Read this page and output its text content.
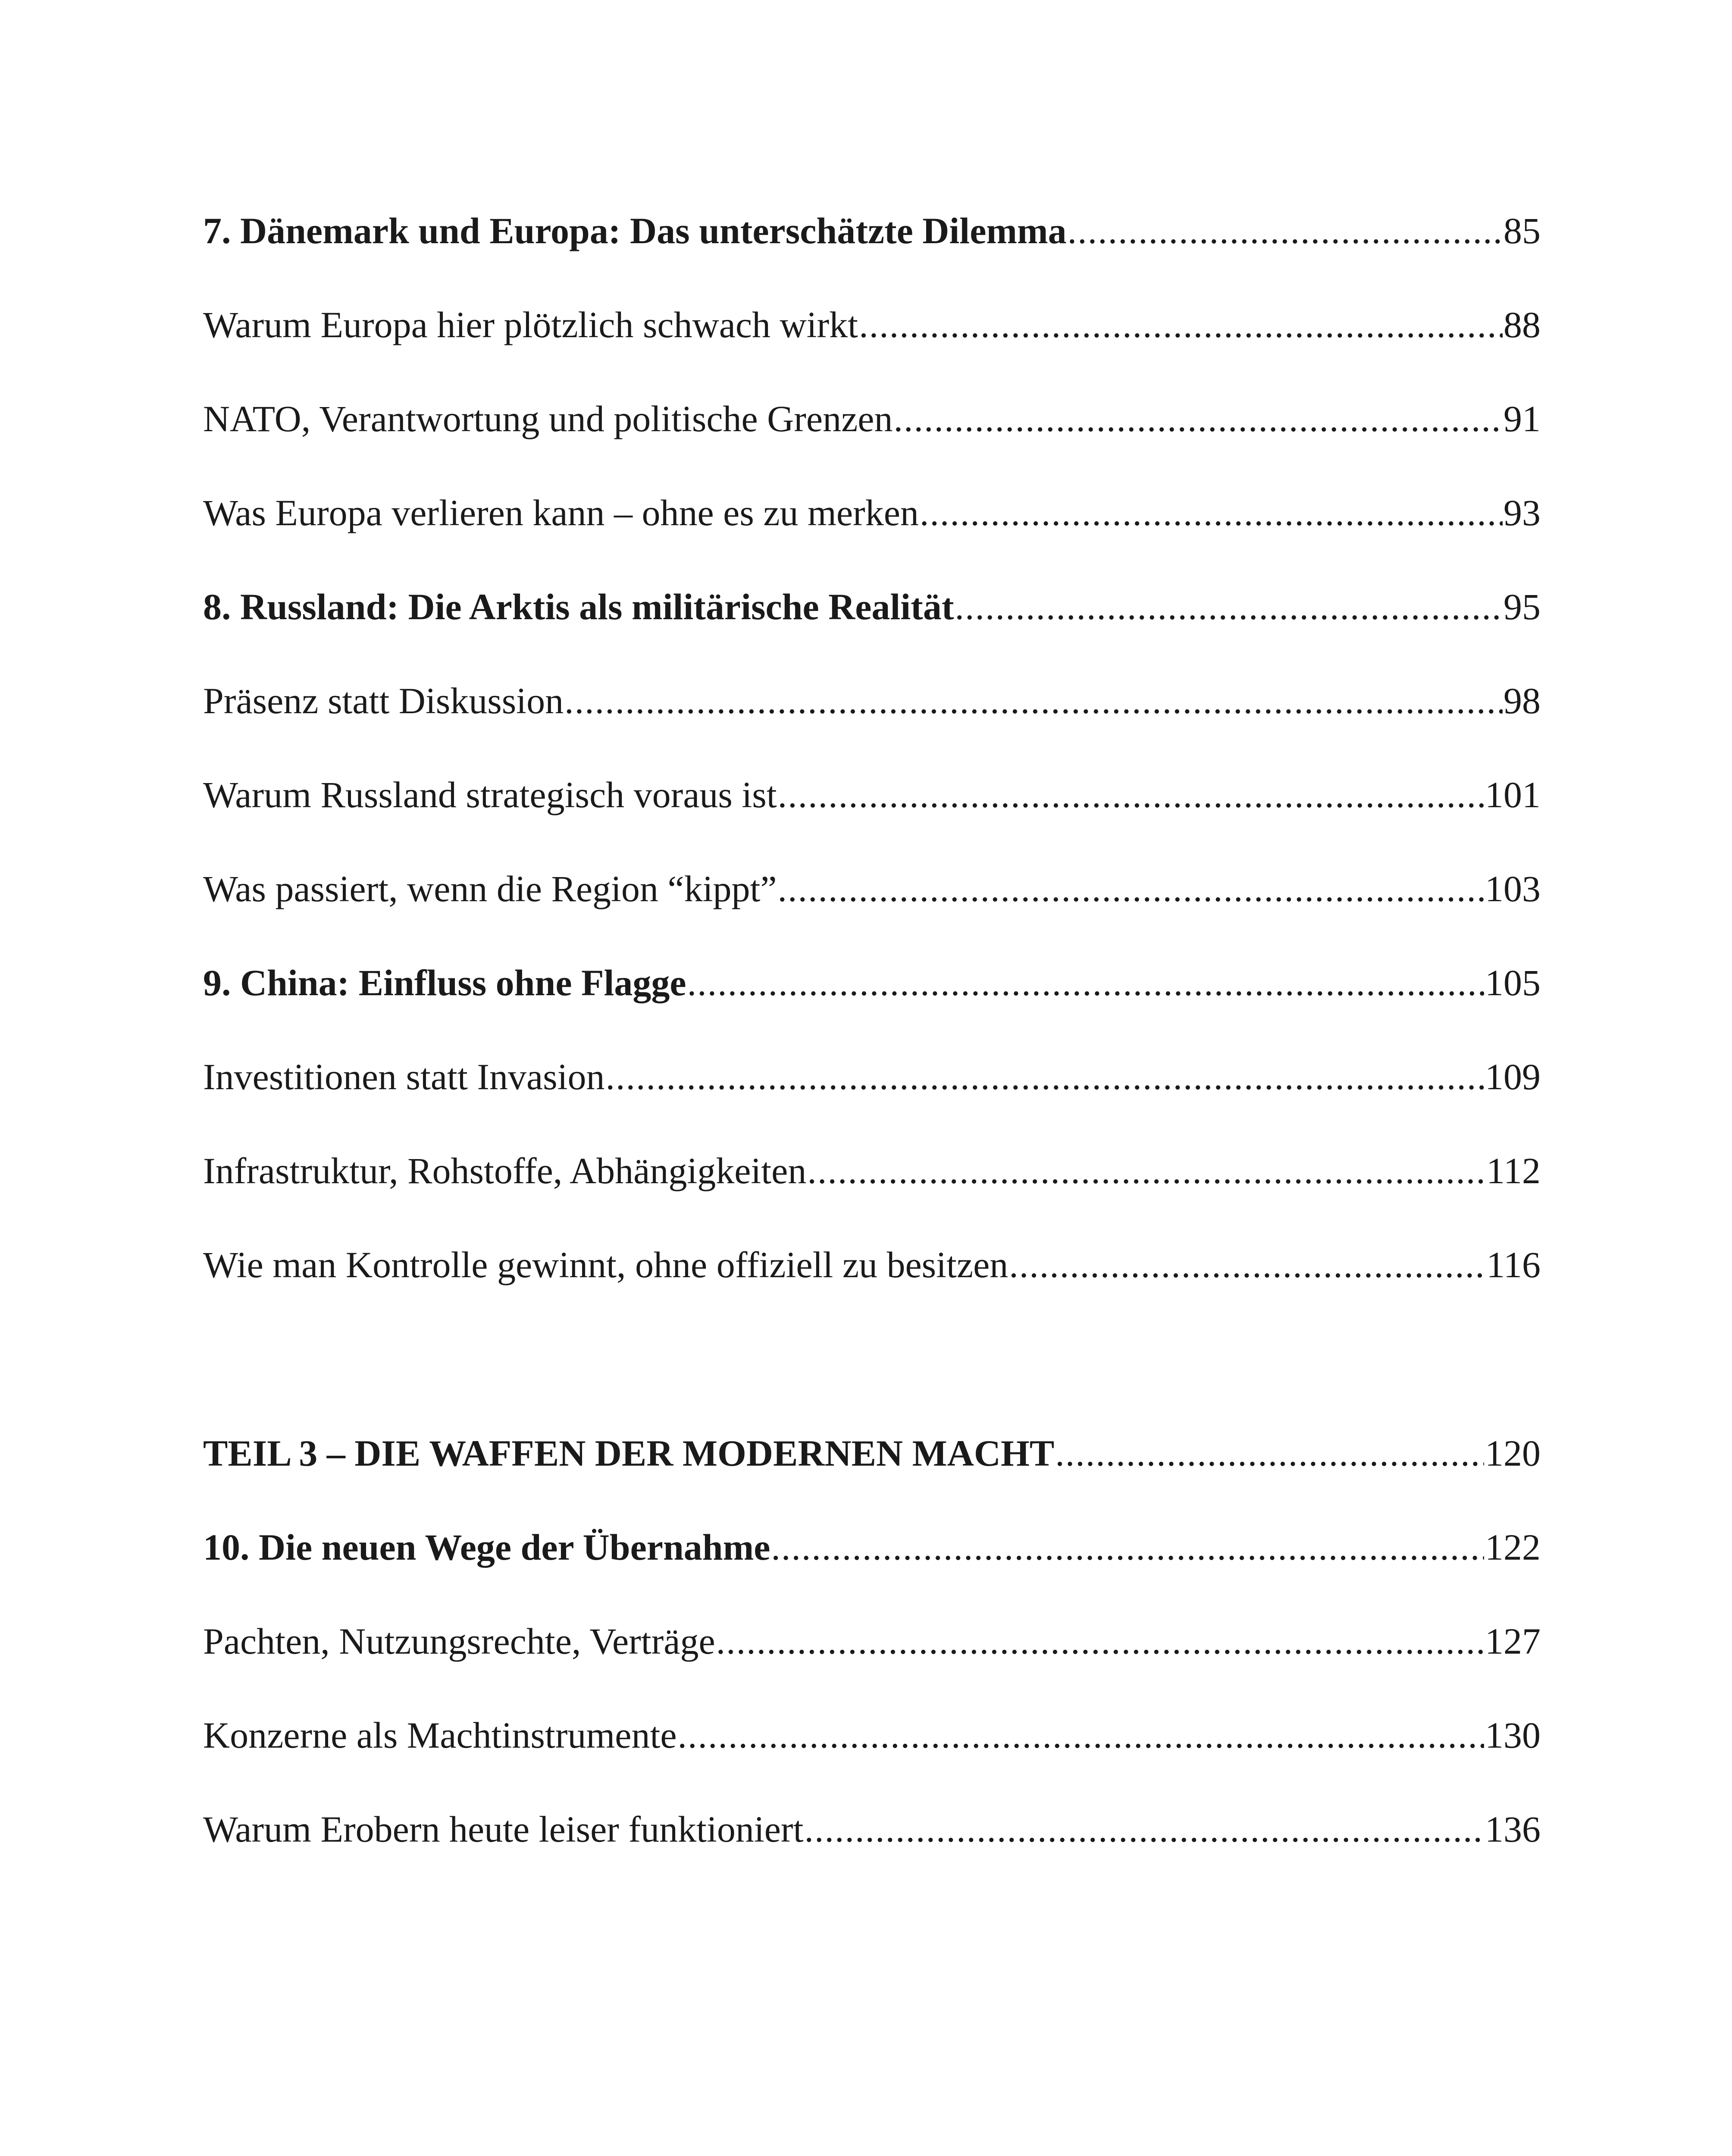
7. Dänemark und Europa: Das unterschätzte Dilemma .....	85
Warum Europa hier plötzlich schwach wirkt .....	88
NATO, Verantwortung und politische Grenzen .....	91
Was Europa verlieren kann – ohne es zu merken .....	93
8. Russland: Die Arktis als militärische Realität .....	95
Präsenz statt Diskussion .....	98
Warum Russland strategisch voraus ist .....	101
Was passiert, wenn die Region “kippt” .....	103
9. China: Einfluss ohne Flagge .....	105
Investitionen statt Invasion .....	109
Infrastruktur, Rohstoffe, Abhängigkeiten .....	112
Wie man Kontrolle gewinnt, ohne offiziell zu besitzen .....	116
TEIL 3 – DIE WAFFEN DER MODERNEN MACHT .....	120
10. Die neuen Wege der Übernahme .....	122
Pachten, Nutzungsrechte, Verträge .....	127
Konzerne als Machtinstrumente .....	130
Warum Erobern heute leiser funktioniert .....	136
